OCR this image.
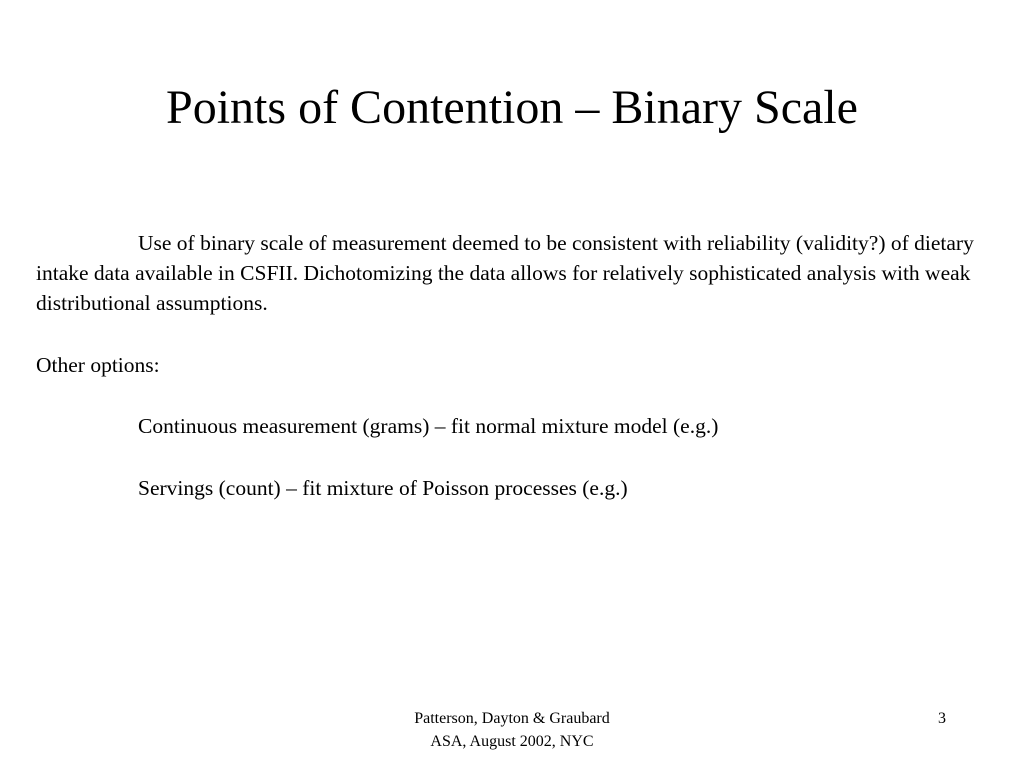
Points of Contention – Binary Scale

Use of binary scale of measurement deemed to be consistent with reliability (validity?) of dietary intake data available in CSFII. Dichotomizing the data allows for relatively sophisticated analysis with weak distributional assumptions.

Other options:

Continuous measurement (grams) – fit normal mixture model (e.g.)

Servings (count) – fit mixture of Poisson processes (e.g.)

Patterson, Dayton & Graubard
ASA, August 2002, NYC
3
